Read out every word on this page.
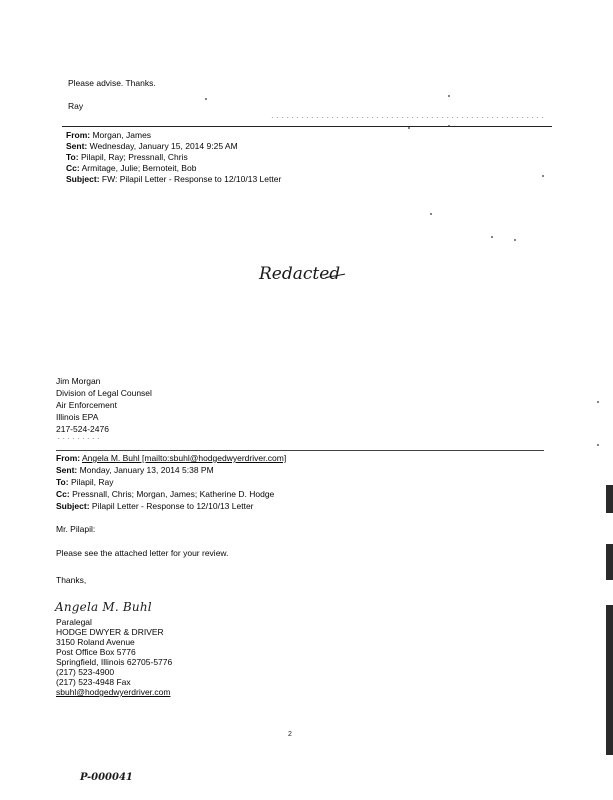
Please advise. Thanks.
Ray
From: Morgan, James
Sent: Wednesday, January 15, 2014 9:25 AM
To: Pilapil, Ray; Pressnall, Chris
Cc: Armitage, Julie; Bernoteit, Bob
Subject: FW: Pilapil Letter - Response to 12/10/13 Letter
Redacted
Jim Morgan
Division of Legal Counsel
Air Enforcement
Illinois EPA
217-524-2476
From: Angela M. Buhl [mailto:sbuhl@hodgedwyerdriver.com]
Sent: Monday, January 13, 2014 5:38 PM
To: Pilapil, Ray
Cc: Pressnall, Chris; Morgan, James; Katherine D. Hodge
Subject: Pilapil Letter - Response to 12/10/13 Letter
Mr. Pilapil:
Please see the attached letter for your review.
Thanks,
Angela M. Buhl
Paralegal
HODGE DWYER & DRIVER
3150 Roland Avenue
Post Office Box 5776
Springfield, Illinois 62705-5776
(217) 523-4900
(217) 523-4948 Fax
sbuhl@hodgedwyerdriver.com
2
P-000041
